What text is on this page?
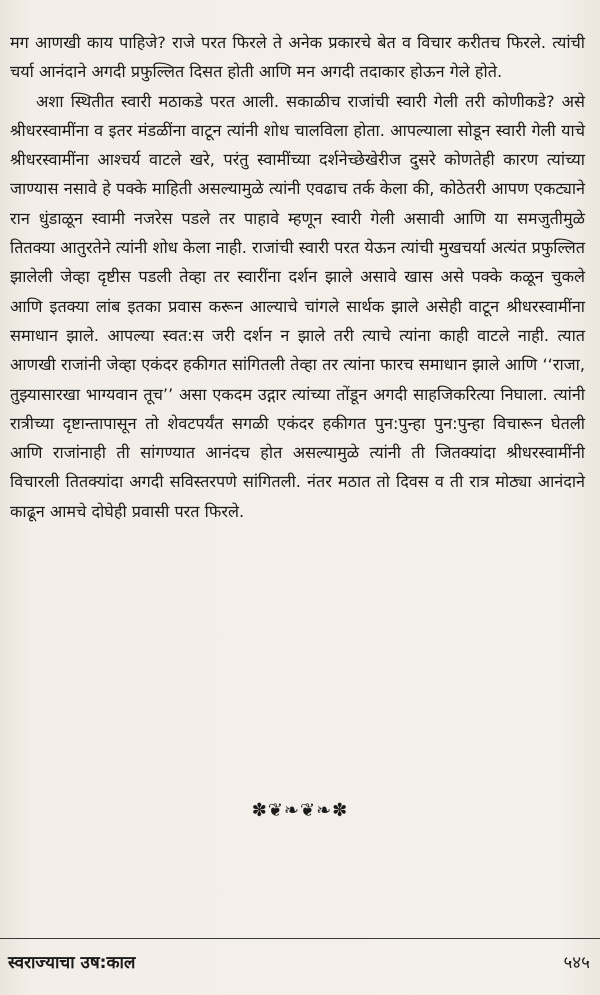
मग आणखी काय पाहिजे? राजे परत फिरले ते अनेक प्रकारचे बेत व विचार करीतच फिरले. त्यांची चर्या आनंदाने अगदी प्रफुल्लित दिसत होती आणि मन अगदी तदाकार होऊन गेले होते.

अशा स्थितीत स्वारी मठाकडे परत आली. सकाळीच राजांची स्वारी गेली तरी कोणीकडे? असे श्रीधरस्वामींना व इतर मंडळींना वाटून त्यांनी शोध चालविला होता. आपल्याला सोडून स्वारी गेली याचे श्रीधरस्वामींना आश्चर्य वाटले खरे, परंतु स्वामींच्या दर्शनेच्छेखेरीज दुसरे कोणतेही कारण त्यांच्या जाण्यास नसावे हे पक्के माहिती असल्यामुळे त्यांनी एवढाच तर्क केला की, कोठेतरी आपण एकट्याने रान धुंडाळून स्वामी नजरेस पडले तर पाहावे म्हणून स्वारी गेली असावी आणि या समजुतीमुळे तितक्या आतुरतेने त्यांनी शोध केला नाही. राजांची स्वारी परत येऊन त्यांची मुखचर्या अत्यंत प्रफुल्लित झालेली जेव्हा दृष्टीस पडली तेव्हा तर स्वारींना दर्शन झाले असावे खास असे पक्के कळून चुकले आणि इतक्या लांब इतका प्रवास करून आल्याचे चांगले सार्थक झाले असेही वाटून श्रीधरस्वामींना समाधान झाले. आपल्या स्वत:स जरी दर्शन न झाले तरी त्याचे त्यांना काही वाटले नाही. त्यात आणखी राजांनी जेव्हा एकंदर हकीगत सांगितली तेव्हा तर त्यांना फारच समाधान झाले आणि ‘‘राजा, तुझ्यासारखा भाग्यवान तूच’’ असा एकदम उद्गार त्यांच्या तोंडून अगदी साहजिकरित्या निघाला. त्यांनी रात्रीच्या दृष्टान्तापासून तो शेवटपर्यंत सगळी एकंदर हकीगत पुन:पुन्हा पुन:पुन्हा विचारून घेतली आणि राजांनाही ती सांगण्यात आनंदच होत असल्यामुळे त्यांनी ती जितक्यांदा श्रीधरस्वामींनी विचारली तितक्यांदा अगदी सविस्तरपणे सांगितली. नंतर मठात तो दिवस व ती रात्र मोठ्या आनंदाने काढून आमचे दोघेही प्रवासी परत फिरले.

✽❦❧❦❧✽
स्वराज्याचा उष:काल	५४५
